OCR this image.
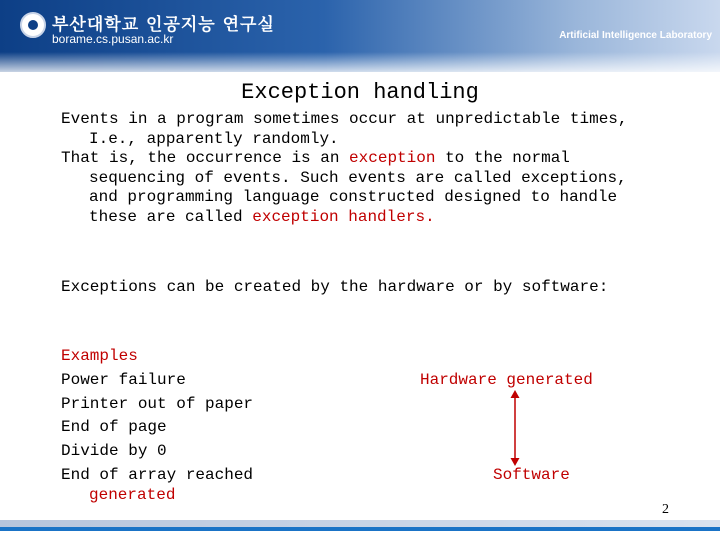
부산대학교 인공지능 연구실
borame.cs.pusan.ac.kr	Artificial Intelligence Laboratory
Exception handling

Events in a program sometimes occur at unpredictable times, I.e., apparently randomly.

That is, the occurrence is an exception to the normal sequencing of events. Such events are called exceptions, and programming language constructed designed to handle these are called exception handlers.

Exceptions can be created by the hardware or by software:

Examples
Power failure
Printer out of paper
End of page
Divide by 0
End of array reached
generated
Hardware generated
Software
2
